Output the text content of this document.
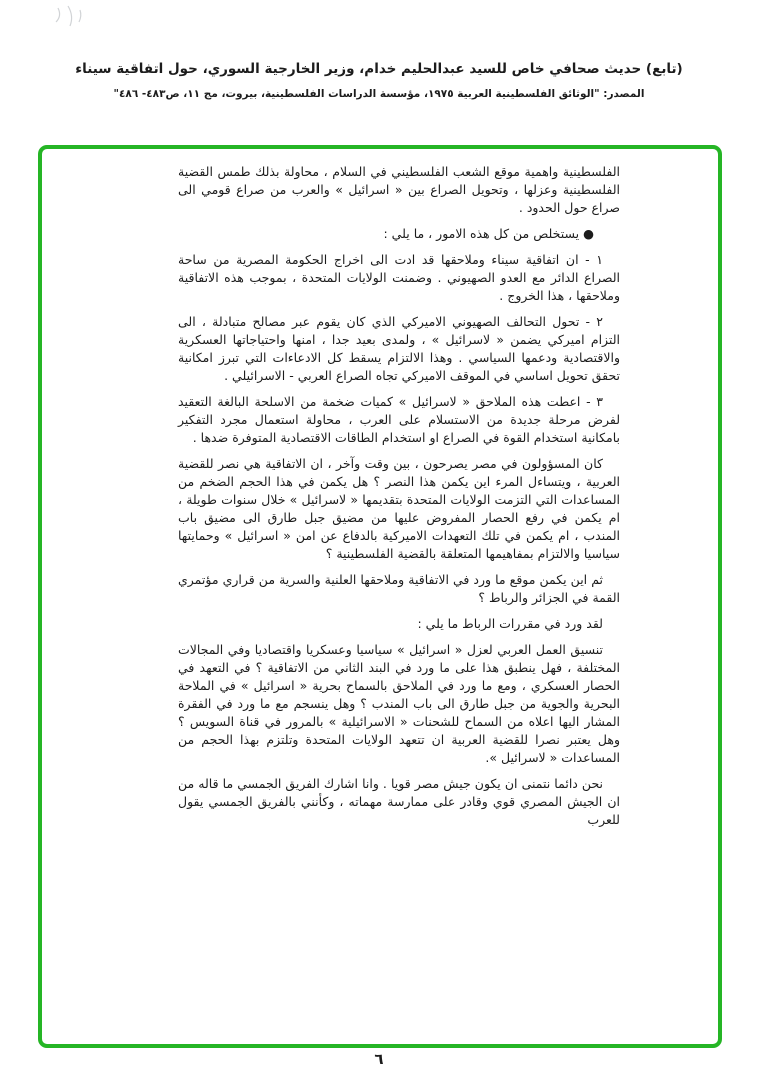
(تابع) حديث صحافي خاص للسيد عبدالحليم خدام، وزير الخارجية السوري، حول اتفاقية سيناء
المصدر: "الوثائق الفلسطينية العربية ١٩٧٥، مؤسسة الدراسات الفلسطينية، بيروت، مج ١١، ص٤٨٣- ٤٨٦"

الفلسطينية واهمية موقع الشعب الفلسطيني في السلام ، محاولة بذلك طمس القضية الفلسطينية وعزلها ، وتحويل الصراع بين « اسرائيل » والعرب من صراع قومي الى صراع حول الحدود .

● يستخلص من كل هذه الامور ، ما يلي :

١ - ان اتفاقية سيناء وملاحقها قد ادت الى اخراج الحكومة المصرية من ساحة الصراع الدائر مع العدو الصهيوني . وضمنت الولايات المتحدة ، بموجب هذه الاتفاقية وملاحقها ، هذا الخروج .

٢ - تحول التحالف الصهيوني الاميركي الذي كان يقوم عبر مصالح متبادلة ، الى التزام اميركي يضمن « لاسرائيل » ، ولمدى بعيد جدا ، امنها واحتياجاتها العسكرية والاقتصادية ودعمها السياسي . وهذا الالتزام يسقط كل الادعاءات التي تبرز امكانية تحقق تحويل اساسي في الموقف الاميركي تجاه الصراع العربي - الاسرائيلي .

٣ - اعطت هذه الملاحق « لاسرائيل » كميات ضخمة من الاسلحة البالغة التعقيد لفرض مرحلة جديدة من الاستسلام على العرب ، محاولة استعمال مجرد التفكير بامكانية استخدام القوة في الصراع او استخدام الطاقات الاقتصادية المتوفرة ضدها .

كان المسؤولون في مصر يصرحون ، بين وقت وآخر ، ان الاتفاقية هي نصر للقضية العربية ، ويتساءل المرء اين يكمن هذا النصر ؟ هل يكمن في هذا الحجم الضخم من المساعدات التي التزمت الولايات المتحدة بتقديمها « لاسرائيل » خلال سنوات طويلة ، ام يكمن في رفع الحصار المفروض عليها من مضيق جبل طارق الى مضيق باب المندب ، ام يكمن في تلك التعهدات الاميركية بالدفاع عن امن « اسرائيل » وحمايتها سياسيا والالتزام بمفاهيمها المتعلقة بالقضية الفلسطينية ؟

ثم اين يكمن موقع ما ورد في الاتفاقية وملاحقها العلنية والسرية من قراري مؤتمري القمة في الجزائر والرباط ؟

لقد ورد في مقررات الرباط ما يلي :

تنسيق العمل العربي لعزل « اسرائيل » سياسيا وعسكريا واقتصاديا وفي المجالات المختلفة ، فهل ينطبق هذا على ما ورد في البند الثاني من الاتفاقية ؟ في التعهد في الحصار العسكري ، ومع ما ورد في الملاحق بالسماح بحرية « اسرائيل » في الملاحة البحرية والجوية من جبل طارق الى باب المندب ؟ وهل ينسجم مع ما ورد في الفقرة المشار اليها اعلاه من السماح للشحنات « الاسرائيلية » بالمرور في قناة السويس ؟ وهل يعتبر نصرا للقضية العربية ان تتعهد الولايات المتحدة وتلتزم بهذا الحجم من المساعدات « لاسرائيل ».

نحن دائما نتمنى ان يكون جيش مصر قويا . وانا اشارك الفريق الجمسي ما قاله من ان الجيش المصري قوي وقادر على ممارسة مهماته ، وكأنني بالفريق الجمسي يقول للعرب

٦
